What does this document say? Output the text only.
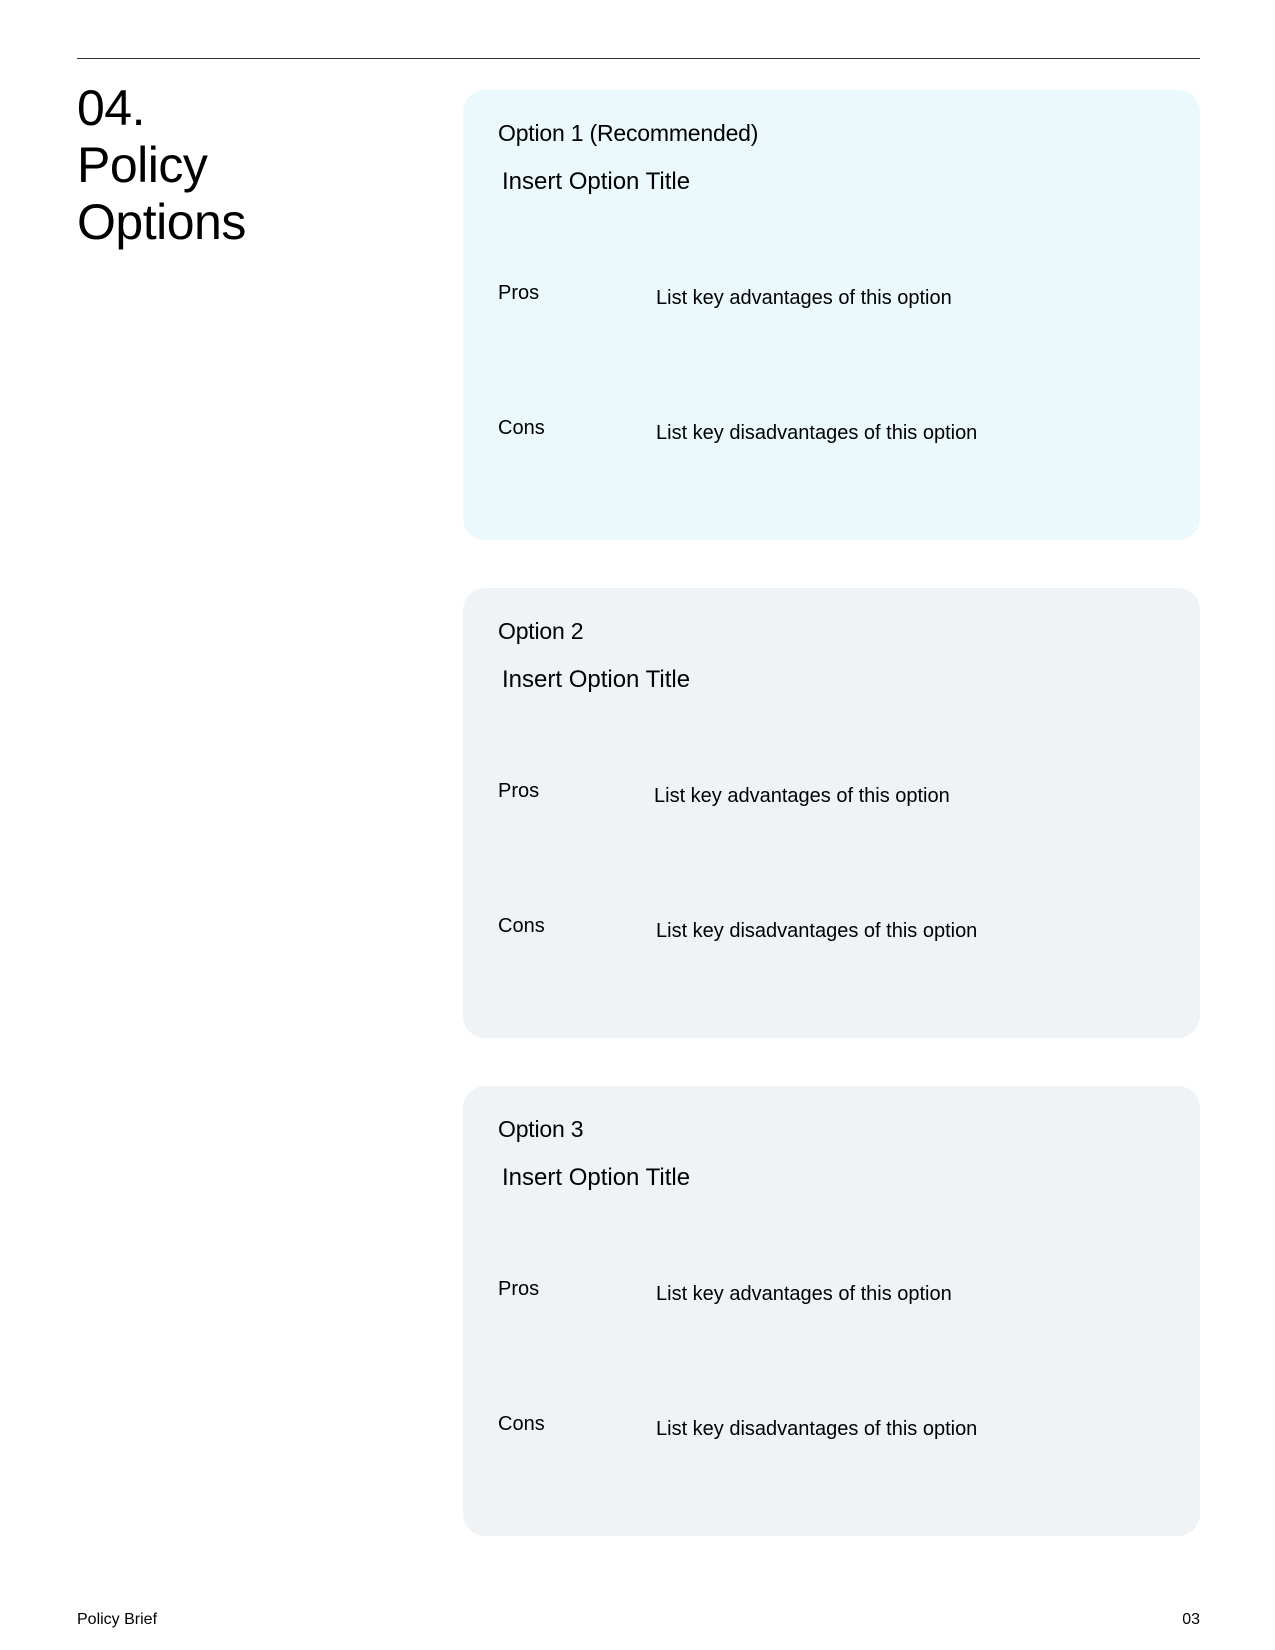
04.
Policy
Options
Option 1 (Recommended)
Insert Option Title
Pros	List key advantages of this option
Cons	List key disadvantages of this option
Option 2
Insert Option Title
Pros	List key advantages of this option
Cons	List key disadvantages of this option
Option 3
Insert Option Title
Pros	List key advantages of this option
Cons	List key disadvantages of this option
Policy Brief	03
